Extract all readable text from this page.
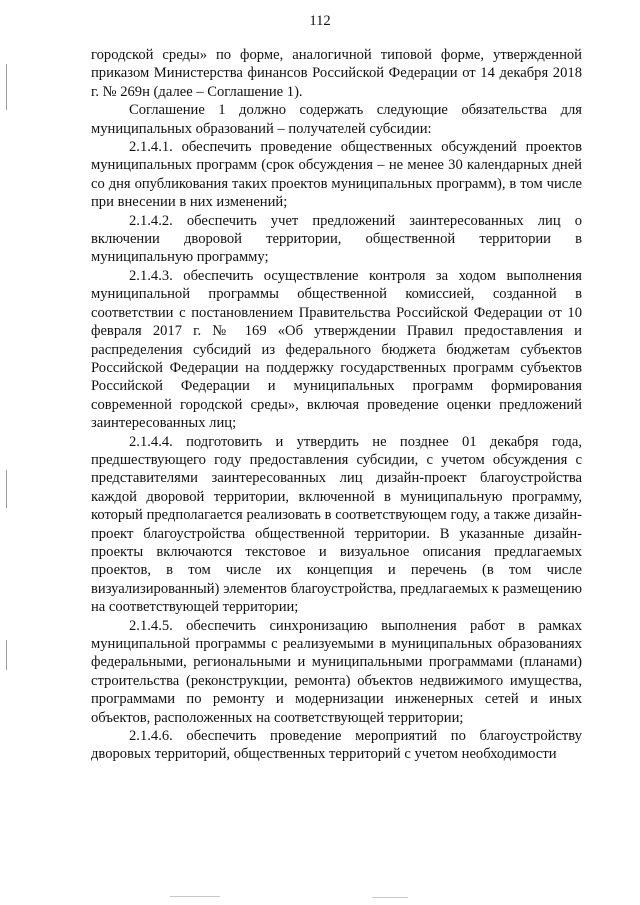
112

городской среды» по форме, аналогичной типовой форме, утвержденной приказом Министерства финансов Российской Федерации от 14 декабря 2018 г. № 269н (далее – Соглашение 1).

Соглашение 1 должно содержать следующие обязательства для муниципальных образований – получателей субсидии:

2.1.4.1. обеспечить проведение общественных обсуждений проектов муниципальных программ (срок обсуждения – не менее 30 календарных дней со дня опубликования таких проектов муниципальных программ), в том числе при внесении в них изменений;

2.1.4.2. обеспечить учет предложений заинтересованных лиц о включении дворовой территории, общественной территории в муниципальную программу;

2.1.4.3. обеспечить осуществление контроля за ходом выполнения муниципальной программы общественной комиссией, созданной в соответствии с постановлением Правительства Российской Федерации от 10 февраля 2017 г. № 169 «Об утверждении Правил предоставления и распределения субсидий из федерального бюджета бюджетам субъектов Российской Федерации на поддержку государственных программ субъектов Российской Федерации и муниципальных программ формирования современной городской среды», включая проведение оценки предложений заинтересованных лиц;

2.1.4.4. подготовить и утвердить не позднее 01 декабря года, предшествующего году предоставления субсидии, с учетом обсуждения с представителями заинтересованных лиц дизайн-проект благоустройства каждой дворовой территории, включенной в муниципальную программу, который предполагается реализовать в соответствующем году, а также дизайн-проект благоустройства общественной территории. В указанные дизайн-проекты включаются текстовое и визуальное описания предлагаемых проектов, в том числе их концепция и перечень (в том числе визуализированный) элементов благоустройства, предлагаемых к размещению на соответствующей территории;

2.1.4.5. обеспечить синхронизацию выполнения работ в рамках муниципальной программы с реализуемыми в муниципальных образованиях федеральными, региональными и муниципальными программами (планами) строительства (реконструкции, ремонта) объектов недвижимого имущества, программами по ремонту и модернизации инженерных сетей и иных объектов, расположенных на соответствующей территории;

2.1.4.6. обеспечить проведение мероприятий по благоустройству дворовых территорий, общественных территорий с учетом необходимости
